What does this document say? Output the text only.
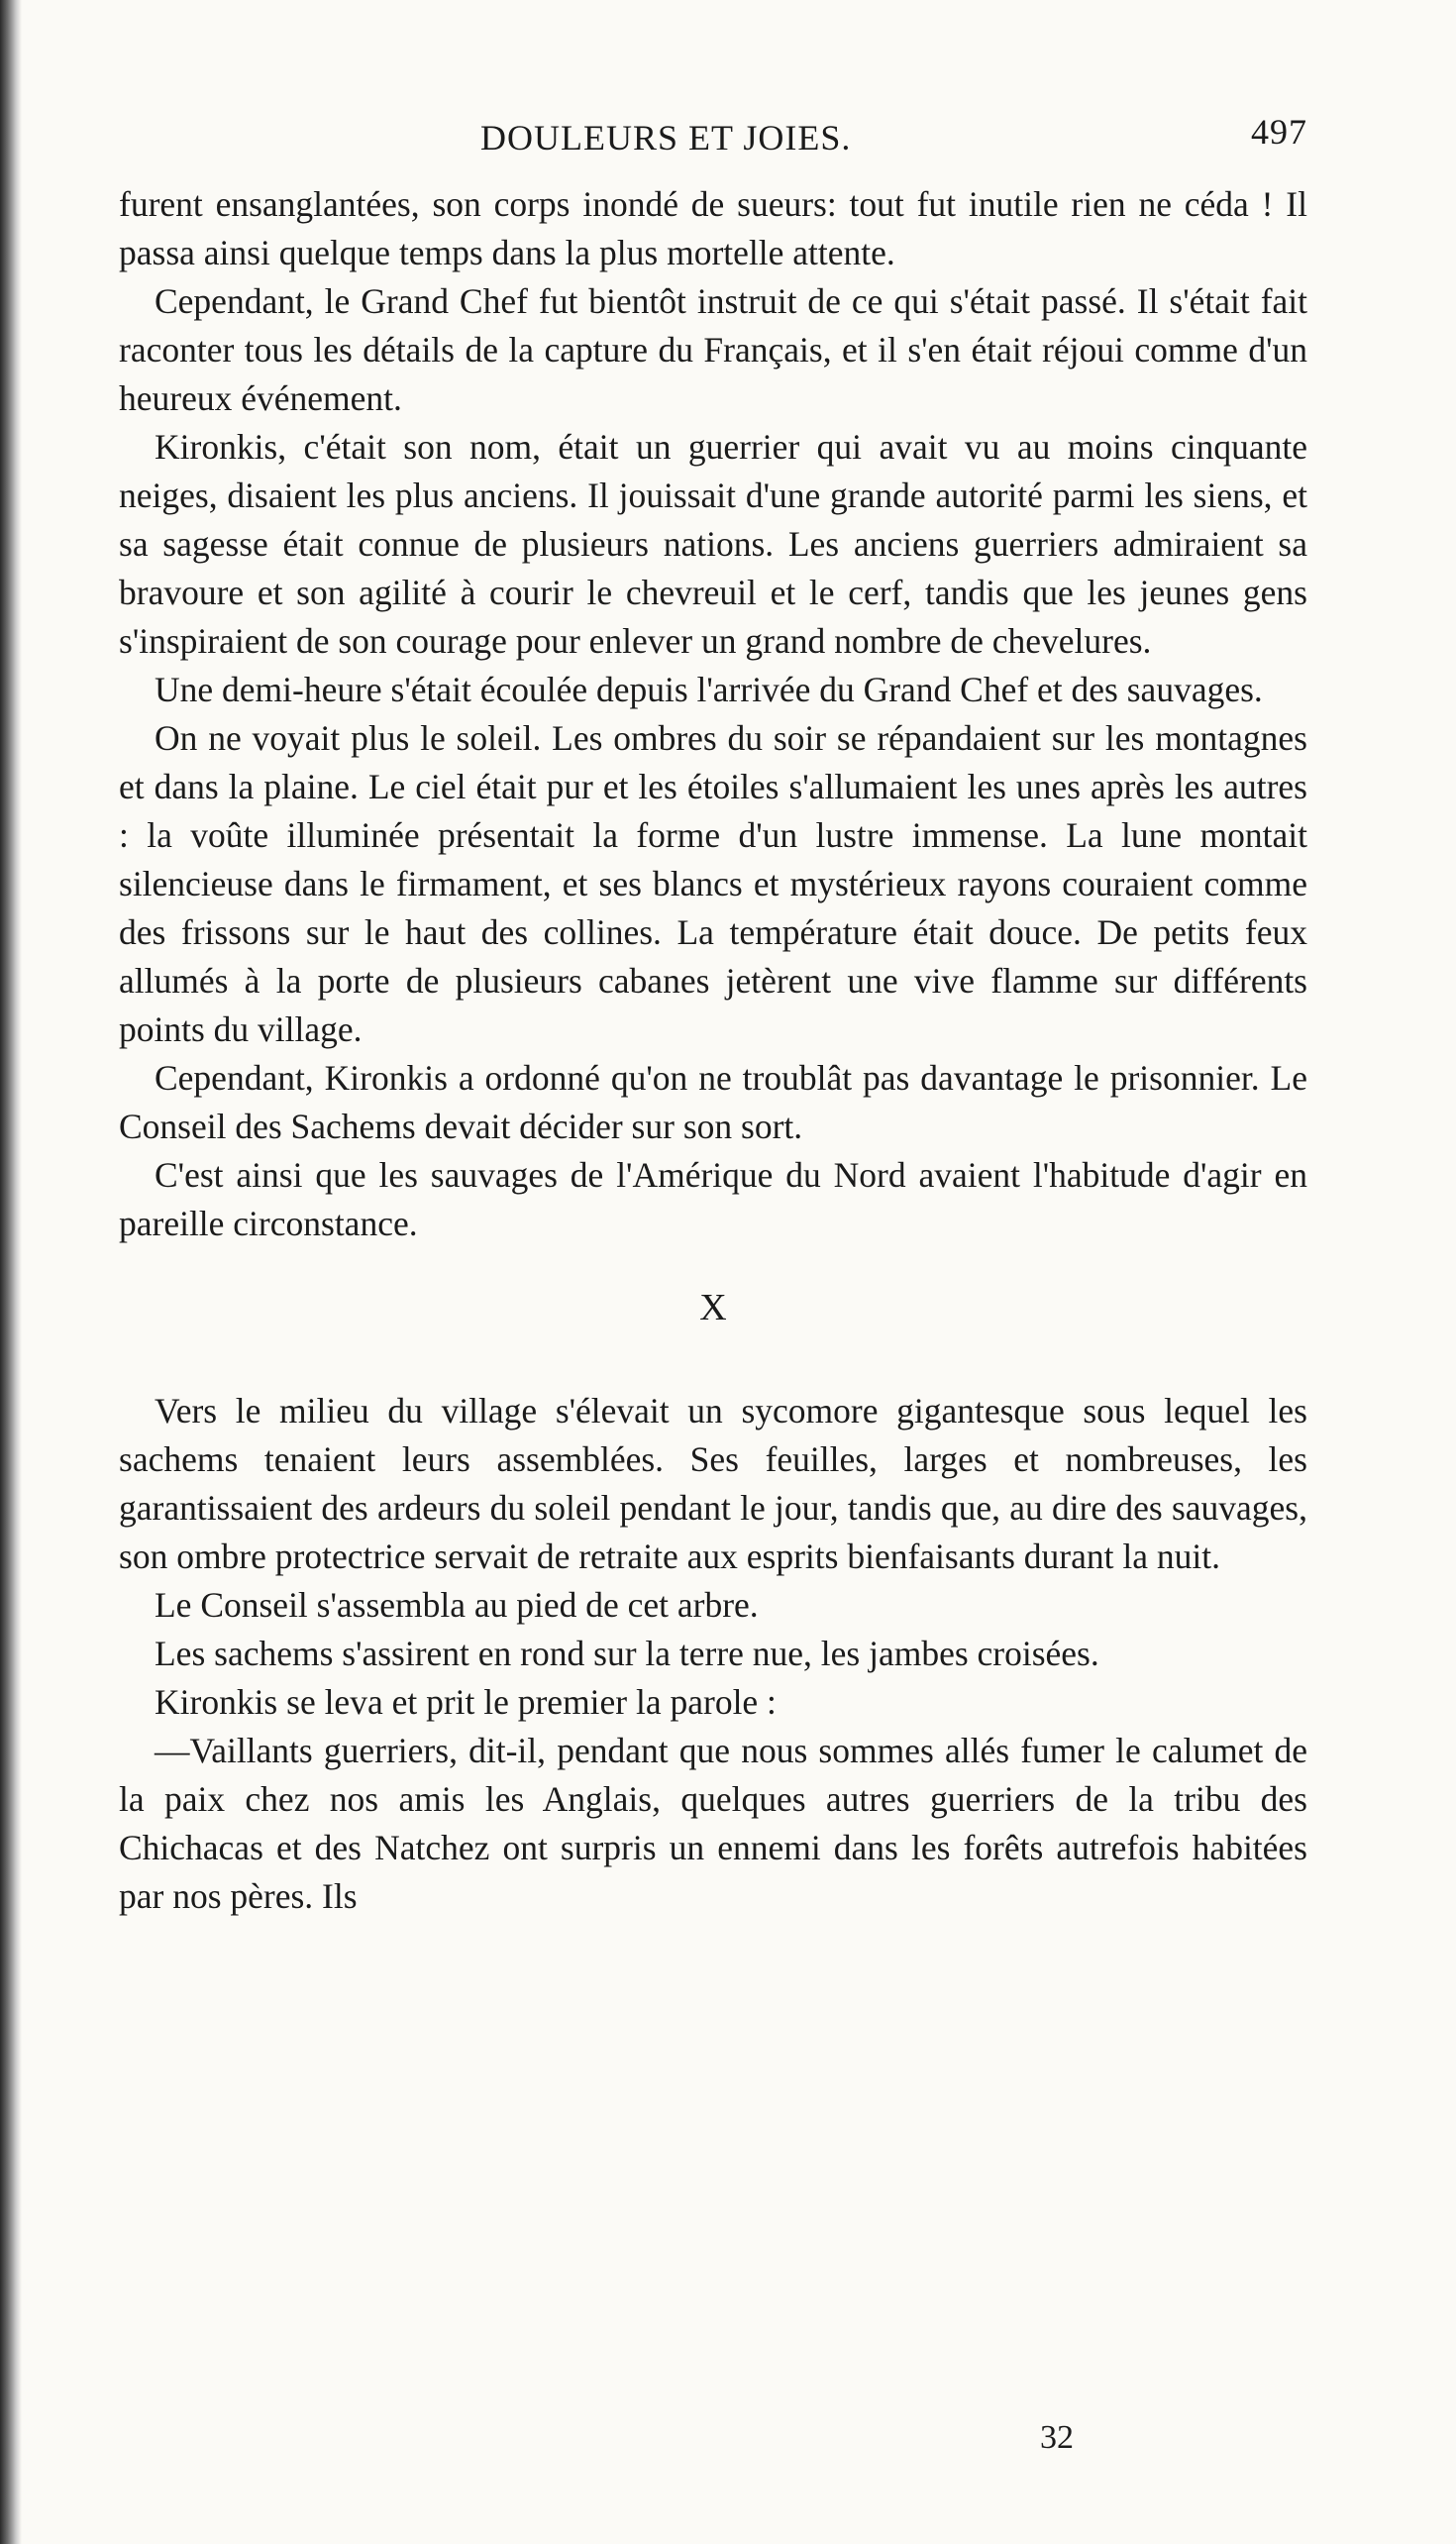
DOULEURS ET JOIES.	497

furent ensanglantées, son corps inondé de sueurs: tout fut inutile rien ne céda ! Il passa ainsi quelque temps dans la plus mortelle attente.

Cependant, le Grand Chef fut bientôt instruit de ce qui s'était passé. Il s'était fait raconter tous les détails de la capture du Français, et il s'en était réjoui comme d'un heureux événement.

Kironkis, c'était son nom, était un guerrier qui avait vu au moins cinquante neiges, disaient les plus anciens. Il jouissait d'une grande autorité parmi les siens, et sa sagesse était connue de plusieurs nations. Les anciens guerriers admiraient sa bravoure et son agilité à courir le chevreuil et le cerf, tandis que les jeunes gens s'inspiraient de son courage pour enlever un grand nombre de chevelures.

Une demi-heure s'était écoulée depuis l'arrivée du Grand Chef et des sauvages.

On ne voyait plus le soleil. Les ombres du soir se répandaient sur les montagnes et dans la plaine. Le ciel était pur et les étoiles s'allumaient les unes après les autres : la voûte illuminée présentait la forme d'un lustre immense. La lune montait silencieuse dans le firmament, et ses blancs et mystérieux rayons couraient comme des frissons sur le haut des collines. La température était douce. De petits feux allumés à la porte de plusieurs cabanes jetèrent une vive flamme sur différents points du village.

Cependant, Kironkis a ordonné qu'on ne troublât pas davantage le prisonnier. Le Conseil des Sachems devait décider sur son sort.

C'est ainsi que les sauvages de l'Amérique du Nord avaient l'habitude d'agir en pareille circonstance.

X

Vers le milieu du village s'élevait un sycomore gigantesque sous lequel les sachems tenaient leurs assemblées. Ses feuilles, larges et nombreuses, les garantissaient des ardeurs du soleil pendant le jour, tandis que, au dire des sauvages, son ombre protectrice servait de retraite aux esprits bienfaisants durant la nuit.

Le Conseil s'assembla au pied de cet arbre.

Les sachems s'assirent en rond sur la terre nue, les jambes croisées.

Kironkis se leva et prit le premier la parole :

—Vaillants guerriers, dit-il, pendant que nous sommes allés fumer le calumet de la paix chez nos amis les Anglais, quelques autres guerriers de la tribu des Chichacas et des Natchez ont surpris un ennemi dans les forêts autrefois habitées par nos pères. Ils

32
